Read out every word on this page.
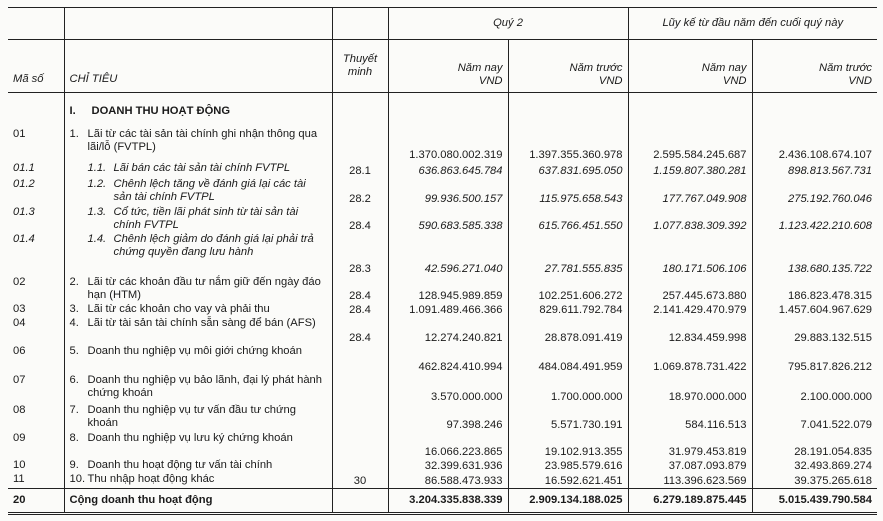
			Quý 2		Lũy kế từ đầu năm đến cuối quý này	
Mã số	CHỈ TIÊU	Thuyết minh	Năm nay VND	Năm trước VND	Năm nay VND	Năm trước VND
	I. DOANH THU HOẠT ĐỘNG					
01	1. Lãi từ các tài sản tài chính ghi nhận thông qua lãi/lỗ (FVTPL)		1.370.080.002.319	1.397.355.360.978	2.595.584.245.687	2.436.108.674.107
01.1	1.1. Lãi bán các tài sản tài chính FVTPL	28.1	636.863.645.784	637.831.695.050	1.159.807.380.281	898.813.567.731
01.2	1.2. Chênh lệch tăng về đánh giá lại các tài sản tài chính FVTPL	28.2	99.936.500.157	115.975.658.543	177.767.049.908	275.192.760.046
01.3	1.3. Cổ tức, tiền lãi phát sinh từ tài sản tài chính FVTPL	28.4	590.683.585.338	615.766.451.550	1.077.838.309.392	1.123.422.210.608
01.4	1.4. Chênh lệch giảm do đánh giá lại phải trả chứng quyền đang lưu hành	28.3	42.596.271.040	27.781.555.835	180.171.506.106	138.680.135.722
02	2. Lãi từ các khoản đầu tư nắm giữ đến ngày đáo hạn (HTM)	28.4	128.945.989.859	102.251.606.272	257.445.673.880	186.823.478.315
03	3. Lãi từ các khoản cho vay và phải thu	28.4	1.091.489.466.366	829.611.792.784	2.141.429.470.979	1.457.604.967.629
04	4. Lãi từ tài sản tài chính sẵn sàng để bán (AFS)	28.4	12.274.240.821	28.878.091.419	12.834.459.998	29.883.132.515
06	5. Doanh thu nghiệp vụ môi giới chứng khoán		462.824.410.994	484.084.491.959	1.069.878.731.422	795.817.826.212
07	6. Doanh thu nghiệp vụ bảo lãnh, đại lý phát hành chứng khoán		3.570.000.000	1.700.000.000	18.970.000.000	2.100.000.000
08	7. Doanh thu nghiệp vụ tư vấn đầu tư chứng khoán		97.398.246	5.571.730.191	584.116.513	7.041.522.079
09	8. Doanh thu nghiệp vụ lưu ký chứng khoán		16.066.223.865	19.102.913.355	31.979.453.819	28.191.054.835
10	9. Doanh thu hoạt động tư vấn tài chính		32.399.631.936	23.985.579.616	37.087.093.879	32.493.869.274
11	10. Thu nhập hoạt động khác	30	86.588.473.933	16.592.621.451	113.396.623.569	39.375.265.618
20	Cộng doanh thu hoạt động		3.204.335.838.339	2.909.134.188.025	6.279.189.875.445	5.015.439.790.584
